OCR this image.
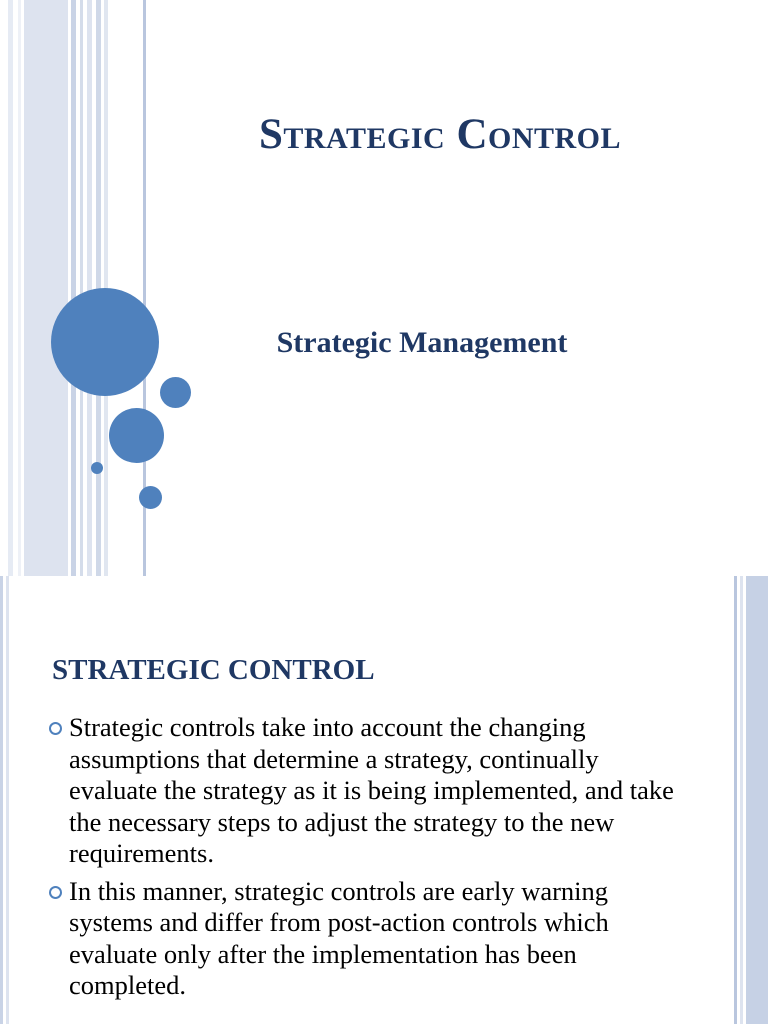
Strategic Control
Strategic Management
STRATEGIC CONTROL
Strategic controls take into account the changing assumptions that determine a strategy, continually evaluate the strategy as it is being implemented, and take the necessary steps to adjust the strategy to the new requirements.
In this manner, strategic controls are early warning systems and differ from post-action controls which evaluate only after the implementation has been completed.
